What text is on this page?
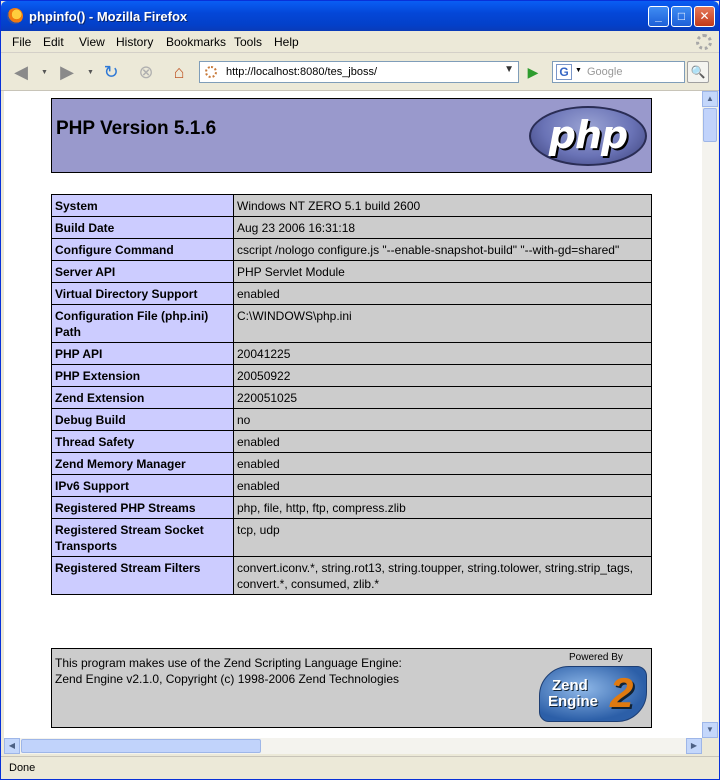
phpinfo() - Mozilla Firefox	_	□	✕
File Edit View History Bookmarks Tools Help
◀	▼ ▶	▼ ↻ ⊗	⌂	http://localhost:8080/tes_jboss/	▼ ▶	G ▼ Google	🔍
PHP Version 5.1.6	php
System	Windows NT ZERO 5.1 build 2600
Build Date	Aug 23 2006 16:31:18
Configure Command	cscript /nologo configure.js "--enable-snapshot-build" "--with-gd=shared"
Server API	PHP Servlet Module
Virtual Directory Support	enabled
Configuration File (php.ini) Path	C:\WINDOWS\php.ini
PHP API	20041225
PHP Extension	20050922
Zend Extension	220051025
Debug Build	no
Thread Safety	enabled
Zend Memory Manager	enabled
IPv6 Support	enabled
Registered PHP Streams	php, file, http, ftp, compress.zlib
Registered Stream Socket Transports	tcp, udp
Registered Stream Filters	convert.iconv.*, string.rot13, string.toupper, string.tolower, string.strip_tags, convert.*, consumed, zlib.*
This program makes use of the Zend Scripting Language Engine:
Zend Engine v2.1.0, Copyright (c) 1998-2006 Zend Technologies
Powered By
Zend
Engine 2
▲
▼
◀	▶
Done
